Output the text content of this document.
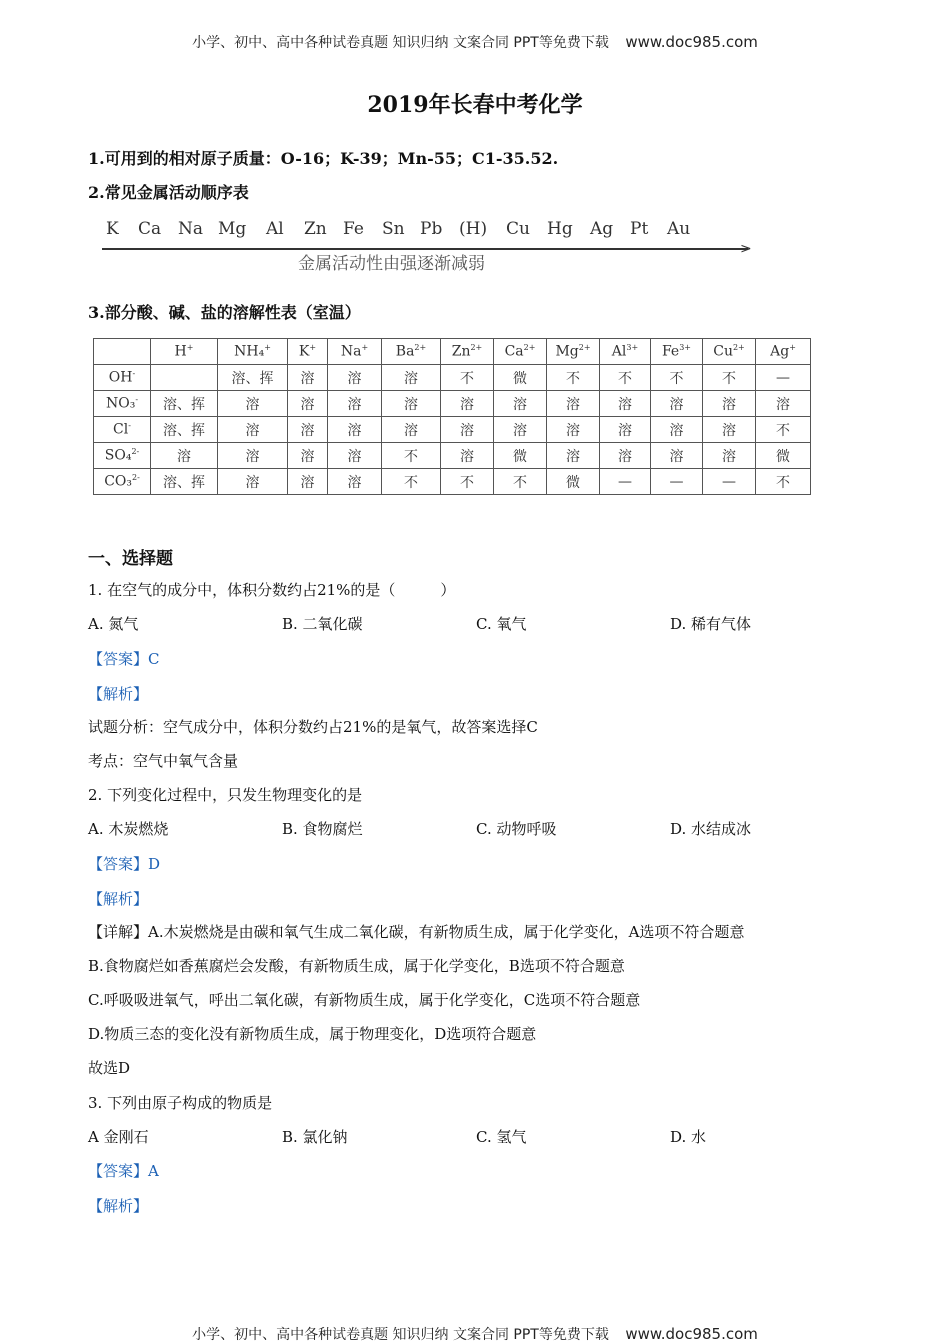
小学、初中、高中各种试卷真题 知识归纳 文案合同 PPT等免费下载 www.doc985.com
2019年长春中考化学
1.可用到的相对原子质量：O-16；K-39；Mn-55；C1-35.52.
2.常见金属活动顺序表
K Ca Na Mg Al Zn Fe Sn Pb (H) Cu Hg Ag Pt Au
>
金属活动性由强逐渐减弱
3.部分酸、碱、盐的溶解性表（室温）
	H+	NH₄+	K+	Na+	$Ba^{2+}$	$Zn^{2+}$	$Ca^{2+}$	$Mg^{2+}$	$Al^{3+}$	$Fe^{3+}$	$Cu^{2+}$	Ag+
OH-		溶、挥	溶	溶	溶	不	微	不	不	不	不	—
NO₃-	溶、挥	溶	溶	溶	溶	溶	溶	溶	溶	溶	溶	溶
Cl-	溶、挥	溶	溶	溶	溶	溶	溶	溶	溶	溶	溶	不
SO₄$^{2-}$	溶	溶	溶	溶	不	溶	微	溶	溶	溶	溶	微
CO₃$^{2-}$	溶、挥	溶	溶	溶	不	不	不	微	—	—	—	不
一、选择题
1. 在空气的成分中，体积分数约占21%的是（　　　）
A. 氮气	B. 二氧化碳	C. 氧气	D. 稀有气体
【答案】C
【解析】
试题分析：空气成分中，体积分数约占21%的是氧气，故答案选择C
考点：空气中氧气含量
2. 下列变化过程中，只发生物理变化的是
A. 木炭燃烧	B. 食物腐烂	C. 动物呼吸	D. 水结成冰
【答案】D
【解析】
【详解】A.木炭燃烧是由碳和氧气生成二氧化碳，有新物质生成，属于化学变化，A选项不符合题意
B.食物腐烂如香蕉腐烂会发酸，有新物质生成，属于化学变化，B选项不符合题意
C.呼吸吸进氧气，呼出二氧化碳，有新物质生成，属于化学变化，C选项不符合题意
D.物质三态的变化没有新物质生成，属于物理变化，D选项符合题意
故选D
3. 下列由原子构成的物质是
A 金刚石	B. 氯化钠	C. 氢气	D. 水
【答案】A
【解析】
小学、初中、高中各种试卷真题 知识归纳 文案合同 PPT等免费下载 www.doc985.com
